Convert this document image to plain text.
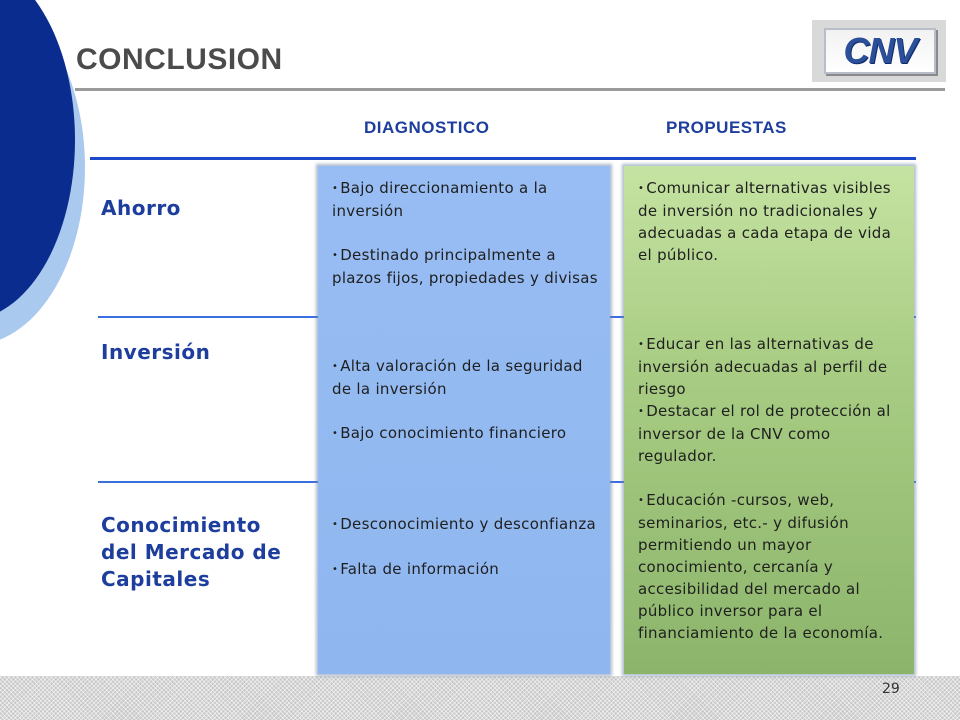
CONCLUSION	CNV
DIAGNOSTICO	PROPUESTAS
Ahorro
Inversión
Conocimiento
del Mercado de
Capitales

• Bajo direccionamiento a la inversión

• Destinado principalmente a plazos fijos, propiedades y divisas

• Alta valoración de la seguridad de la inversión

• Bajo conocimiento financiero

• Desconocimiento y desconfianza

• Falta de información

• Comunicar alternativas visibles de inversión no tradicionales y adecuadas a cada etapa de vida el público.

• Educar en las alternativas de inversión adecuadas al perfil de riesgo

• Destacar el rol de protección al inversor de la CNV como regulador.

• Educación -cursos, web, seminarios, etc.- y difusión permitiendo un mayor conocimiento, cercanía y accesibilidad del mercado al público inversor para el financiamiento de la economía.

29
